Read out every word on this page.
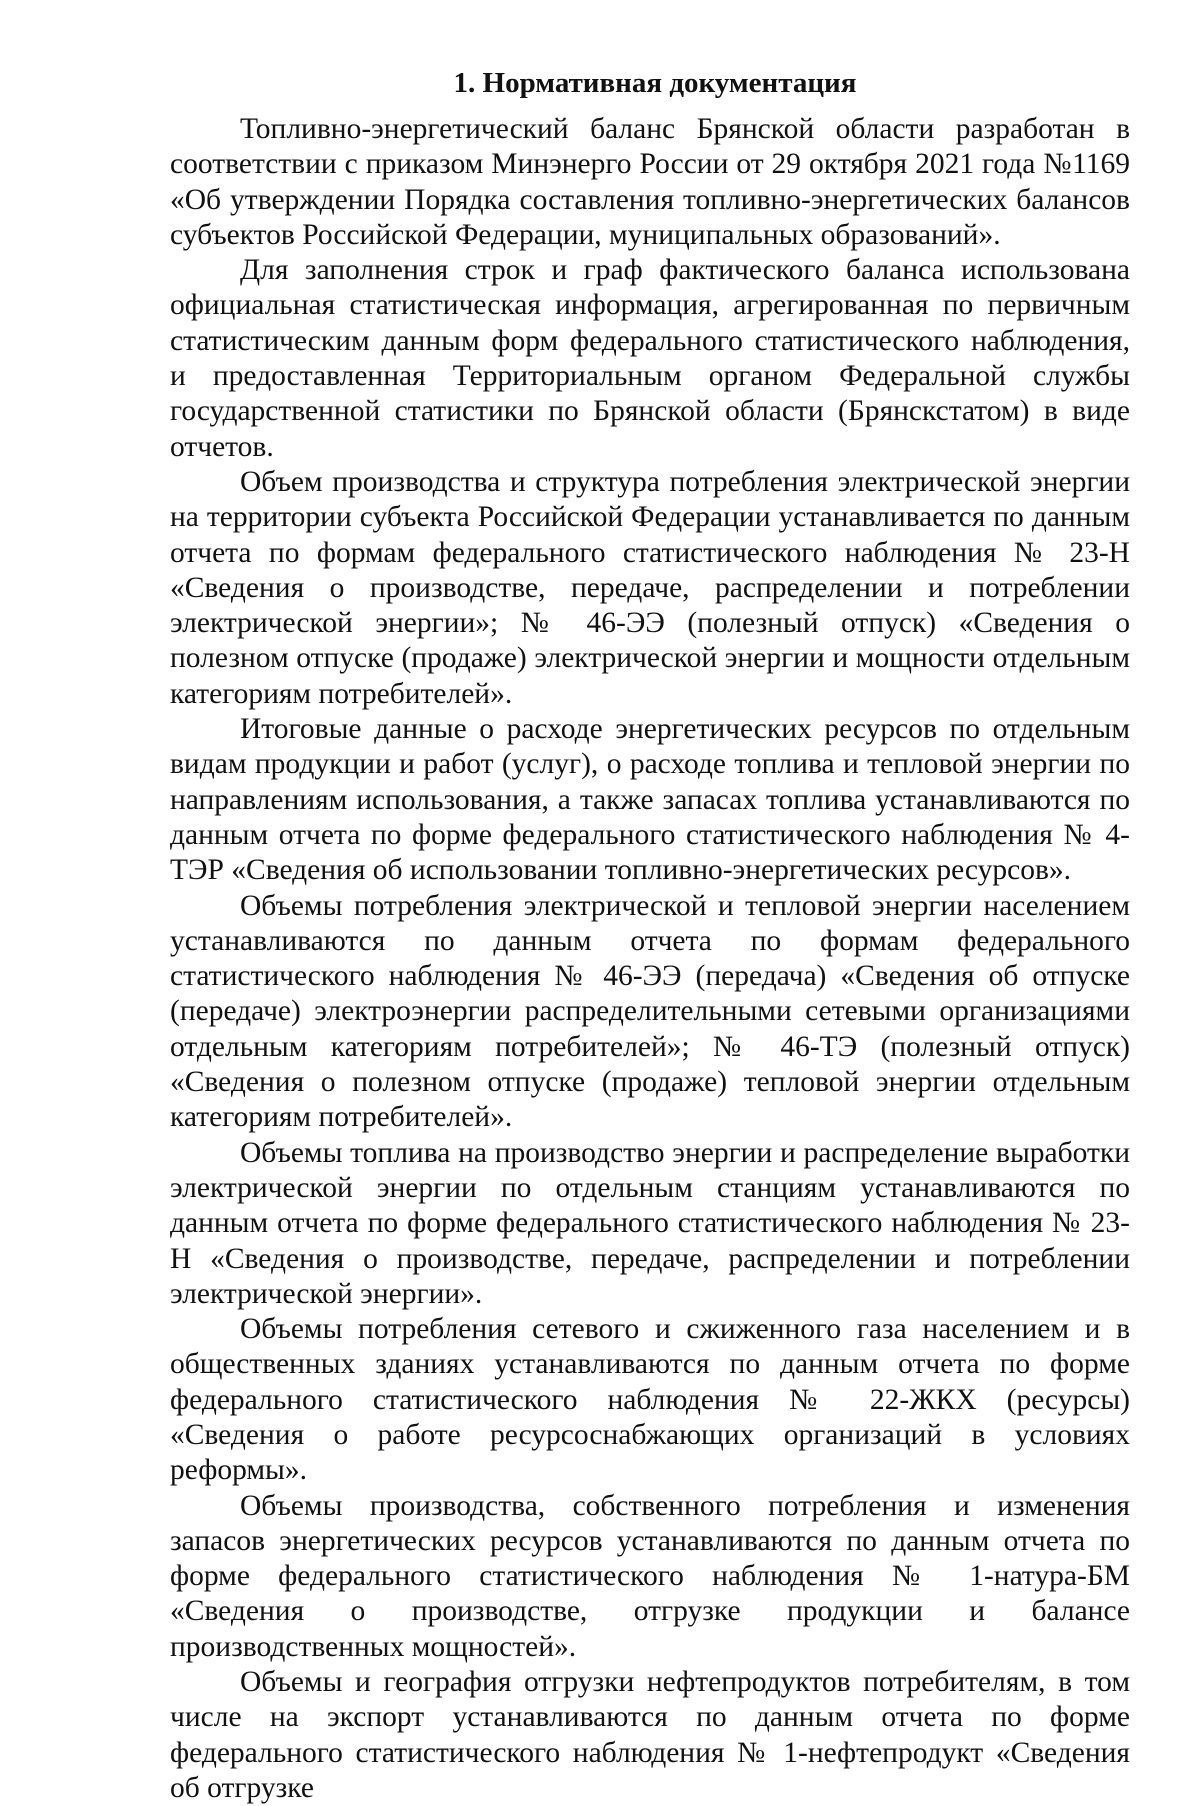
1. Нормативная документация

Топливно-энергетический баланс Брянской области разработан в соответствии с приказом Минэнерго России от 29 октября 2021 года №1169 «Об утверждении Порядка составления топливно-энергетических балансов субъектов Российской Федерации, муниципальных образований».

Для заполнения строк и граф фактического баланса использована официальная статистическая информация, агрегированная по первичным статистическим данным форм федерального статистического наблюдения, и предоставленная Территориальным органом Федеральной службы государственной статистики по Брянской области (Брянскстатом) в виде отчетов.

Объем производства и структура потребления электрической энергии на территории субъекта Российской Федерации устанавливается по данным отчета по формам федерального статистического наблюдения № 23-Н «Сведения о производстве, передаче, распределении и потреблении электрической энергии»; № 46-ЭЭ (полезный отпуск) «Сведения о полезном отпуске (продаже) электрической энергии и мощности отдельным категориям потребителей».

Итоговые данные о расходе энергетических ресурсов по отдельным видам продукции и работ (услуг), о расходе топлива и тепловой энергии по направлениям использования, а также запасах топлива устанавливаются по данным отчета по форме федерального статистического наблюдения № 4-ТЭР «Сведения об использовании топливно-энергетических ресурсов».

Объемы потребления электрической и тепловой энергии населением устанавливаются по данным отчета по формам федерального статистического наблюдения № 46-ЭЭ (передача) «Сведения об отпуске (передаче) электроэнергии распределительными сетевыми организациями отдельным категориям потребителей»; № 46-ТЭ (полезный отпуск) «Сведения о полезном отпуске (продаже) тепловой энергии отдельным категориям потребителей».

Объемы топлива на производство энергии и распределение выработки электрической энергии по отдельным станциям устанавливаются по данным отчета по форме федерального статистического наблюдения № 23-Н «Сведения о производстве, передаче, распределении и потреблении электрической энергии».

Объемы потребления сетевого и сжиженного газа населением и в общественных зданиях устанавливаются по данным отчета по форме федерального статистического наблюдения № 22-ЖКХ (ресурсы) «Сведения о работе ресурсоснабжающих организаций в условиях реформы».

Объемы производства, собственного потребления и изменения запасов энергетических ресурсов устанавливаются по данным отчета по форме федерального статистического наблюдения № 1-натура-БМ «Сведения о производстве, отгрузке продукции и балансе производственных мощностей».

Объемы и география отгрузки нефтепродуктов потребителям, в том числе на экспорт устанавливаются по данным отчета по форме федерального статистического наблюдения № 1-нефтепродукт «Сведения об отгрузке
